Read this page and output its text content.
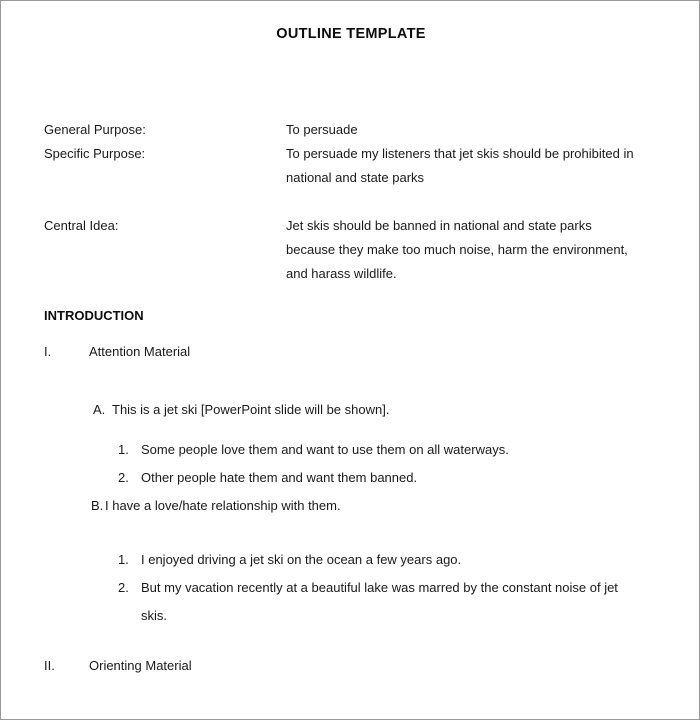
OUTLINE TEMPLATE
General Purpose:	To persuade
Specific Purpose:	To persuade my listeners that jet skis should be prohibited in
national and state parks
Central Idea:	Jet skis should be banned in national and state parks
because they make too much noise, harm the environment,
and harass wildlife.
INTRODUCTION
I.	Attention Material
A. This is a jet ski [PowerPoint slide will be shown].
1. Some people love them and want to use them on all waterways.
2. Other people hate them and want them banned.
B. I have a love/hate relationship with them.
1. I enjoyed driving a jet ski on the ocean a few years ago.
2. But my vacation recently at a beautiful lake was marred by the constant noise of jet
skis.
II.	Orienting Material
